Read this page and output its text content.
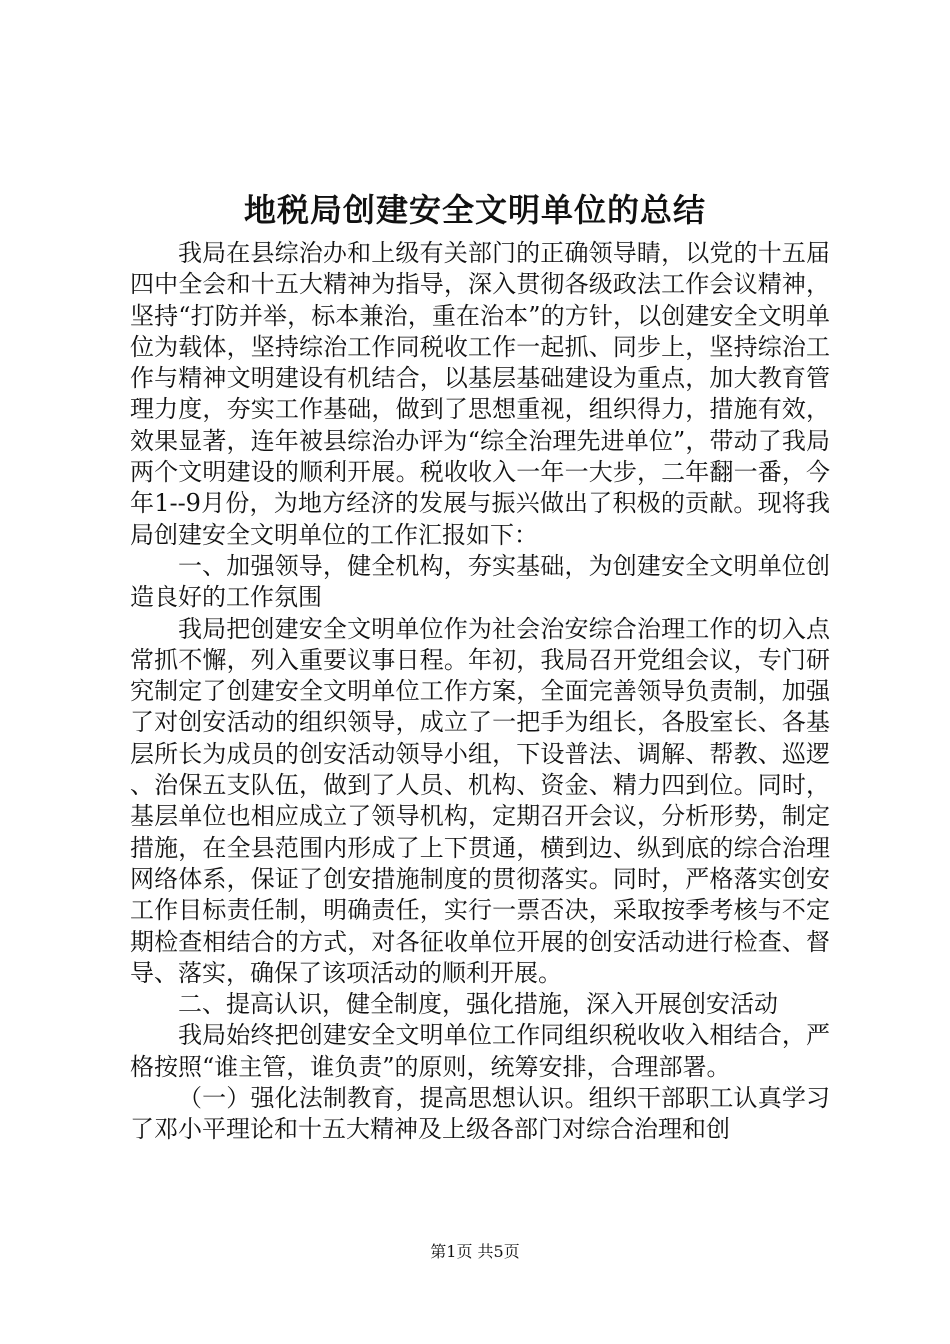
地税局创建安全文明单位的总结

我局在县综治办和上级有关部门的正确领导睛，以党的十五届四中全会和十五大精神为指导，深入贯彻各级政法工作会议精神，坚持“打防并举，标本兼治，重在治本”的方针，以创建安全文明单位为载体，坚持综治工作同税收工作一起抓、同步上，坚持综治工作与精神文明建设有机结合，以基层基础建设为重点，加大教育管理力度，夯实工作基础，做到了思想重视，组织得力，措施有效，效果显著，连年被县综治办评为“综全治理先进单位”，带动了我局两个文明建设的顺利开展。税收收入一年一大步，二年翻一番，今年1--9月份，为地方经济的发展与振兴做出了积极的贡献。现将我局创建安全文明单位的工作汇报如下：

一、加强领导，健全机构，夯实基础，为创建安全文明单位创造良好的工作氛围

我局把创建安全文明单位作为社会治安综合治理工作的切入点常抓不懈，列入重要议事日程。年初，我局召开党组会议，专门研究制定了创建安全文明单位工作方案，全面完善领导负责制，加强了对创安活动的组织领导，成立了一把手为组长，各股室长、各基层所长为成员的创安活动领导小组，下设普法、调解、帮教、巡逻、治保五支队伍，做到了人员、机构、资金、精力四到位。同时，基层单位也相应成立了领导机构，定期召开会议，分析形势，制定措施，在全县范围内形成了上下贯通，横到边、纵到底的综合治理网络体系，保证了创安措施制度的贯彻落实。同时，严格落实创安工作目标责任制，明确责任，实行一票否决，采取按季考核与不定期检查相结合的方式，对各征收单位开展的创安活动进行检查、督导、落实，确保了该项活动的顺利开展。

二、提高认识，健全制度，强化措施，深入开展创安活动

我局始终把创建安全文明单位工作同组织税收收入相结合，严格按照“谁主管，谁负责”的原则，统筹安排，合理部署。

（一）强化法制教育，提高思想认识。组织干部职工认真学习了邓小平理论和十五大精神及上级各部门对综合治理和创

第1页 共5页
